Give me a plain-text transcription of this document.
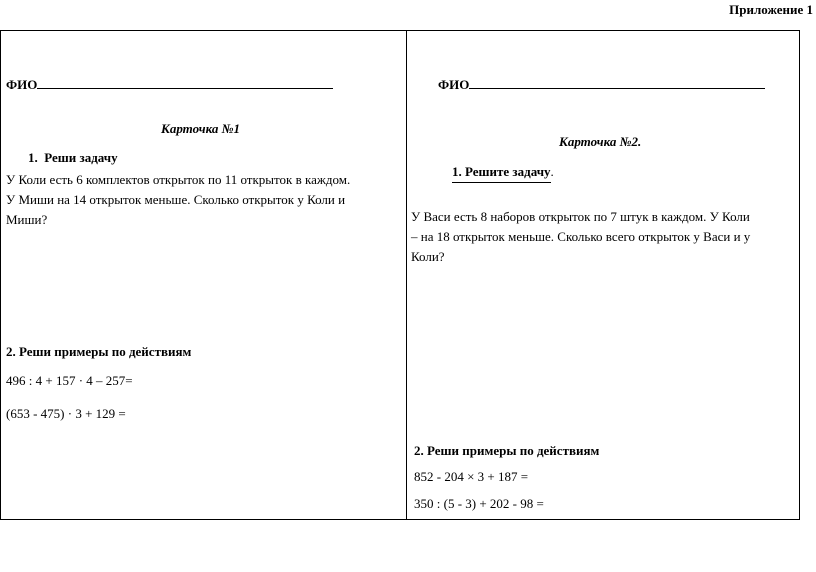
Приложение 1
ФИО
Карточка №1
1. Реши задачу
У Коли есть 6 комплектов открыток по 11 открыток в каждом.
У Миши на 14 открыток меньше. Сколько открыток у Коли и
Миши?
2. Реши примеры по действиям
496 : 4 + 157 · 4 – 257=
(653 - 475) · 3 + 129 =
ФИО
Карточка №2.
1. Решите задачу.
У Васи есть 8 наборов открыток по 7 штук в каждом. У Коли
– на 18 открыток меньше. Сколько всего открыток у Васи и у
Коли?
2. Реши примеры по действиям
852 - 204 × 3 + 187 =
350 : (5 - 3) + 202 - 98 =
